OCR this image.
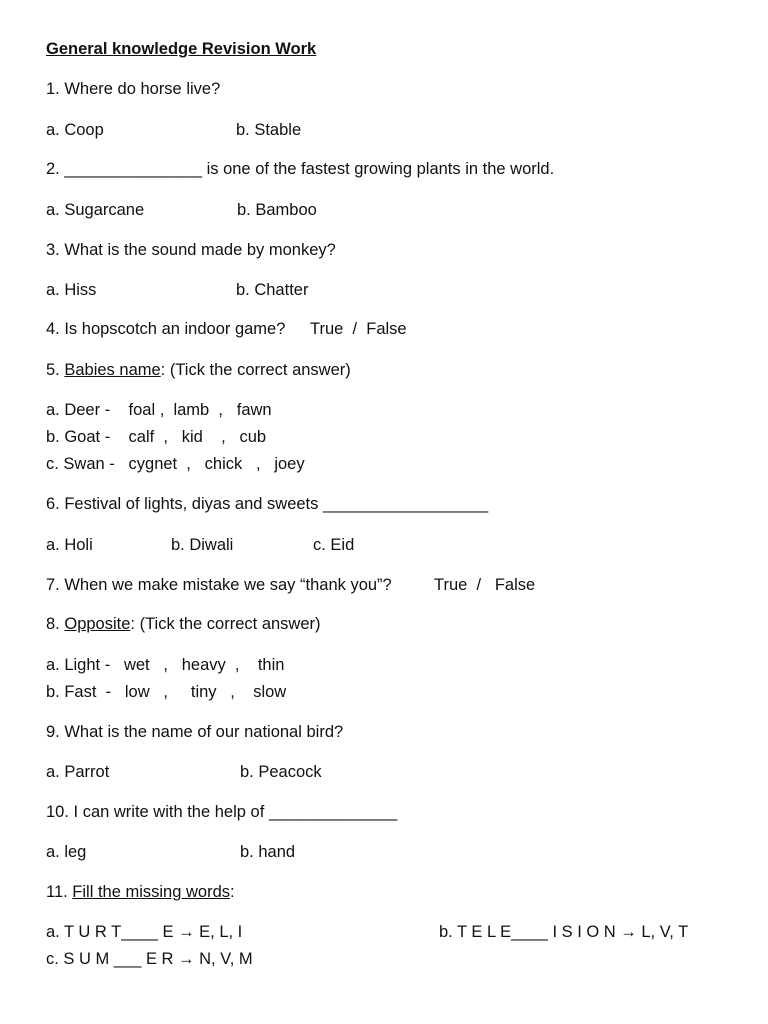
General knowledge Revision Work
1. Where do horse live?
a. Coop	b. Stable
2. _______________ is one of the fastest growing plants in the world.
a. Sugarcane	b. Bamboo
3. What is the sound made by monkey?
a. Hiss	b. Chatter
4. Is hopscotch an indoor game? True  /  False
5. Babies name: (Tick the correct answer)
a. Deer -    foal ,  lamb  ,   fawn
b. Goat -    calf  ,   kid    ,   cub
c. Swan -   cygnet  ,   chick   ,   joey
6. Festival of lights, diyas and sweets __________________
a. Holi	b. Diwali	c. Eid
7. When we make mistake we say “thank you”?	True  /   False
8. Opposite: (Tick the correct answer)
a. Light -   wet   ,   heavy  ,    thin
b. Fast  -   low   ,     tiny   ,    slow
9. What is the name of our national bird?
a. Parrot	b. Peacock
10. I can write with the help of ______________
a. leg	b. hand
11. Fill the missing words:
a. T U R T____ E → E, L, I	b. T E L E____ I S I O N → L, V, T
c. S U M ___ E R → N, V, M
